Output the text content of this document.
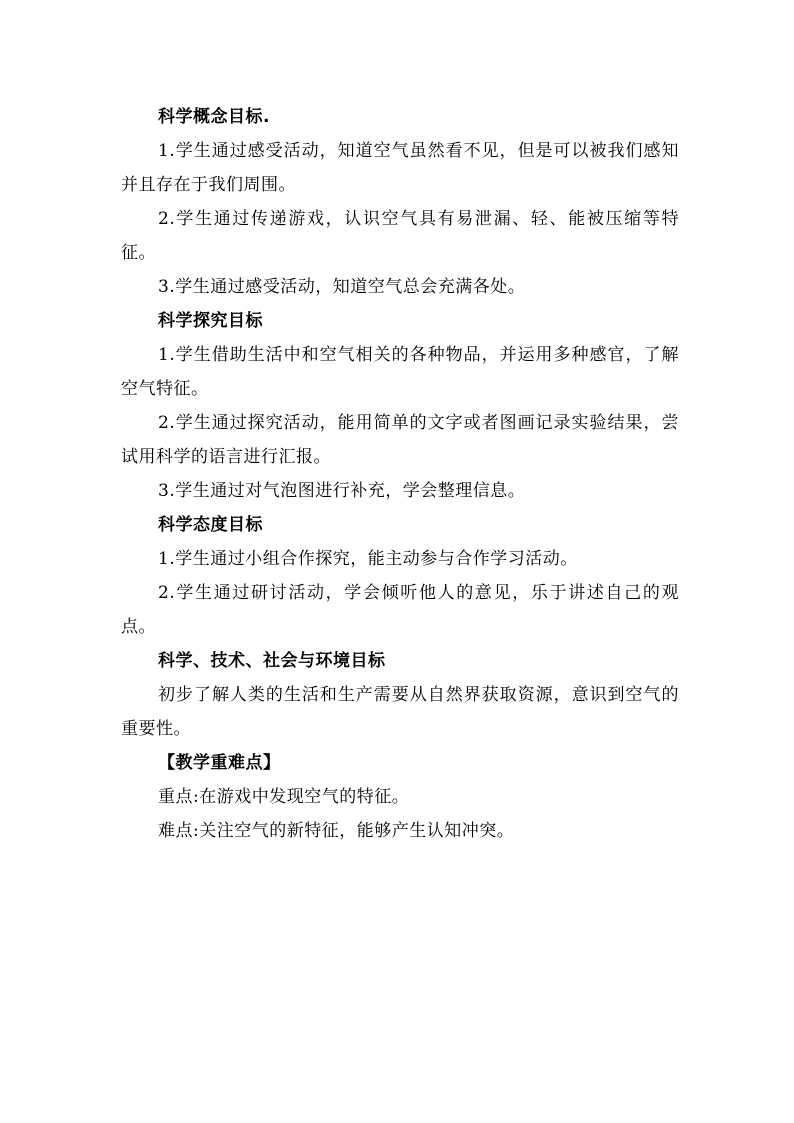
科学概念目标.

1.学生通过感受活动，知道空气虽然看不见，但是可以被我们感知并且存在于我们周围。

2.学生通过传递游戏，认识空气具有易泄漏、轻、能被压缩等特征。

3.学生通过感受活动，知道空气总会充满各处。

科学探究目标

1.学生借助生活中和空气相关的各种物品，并运用多种感官，了解空气特征。

2.学生通过探究活动，能用简单的文字或者图画记录实验结果，尝试用科学的语言进行汇报。

3.学生通过对气泡图进行补充，学会整理信息。

科学态度目标

1.学生通过小组合作探究，能主动参与合作学习活动。

2.学生通过研讨活动，学会倾听他人的意见，乐于讲述自己的观点。

科学、技术、社会与环境目标

初步了解人类的生活和生产需要从自然界获取资源，意识到空气的重要性。

【教学重难点】

重点:在游戏中发现空气的特征。

难点:关注空气的新特征，能够产生认知冲突。
